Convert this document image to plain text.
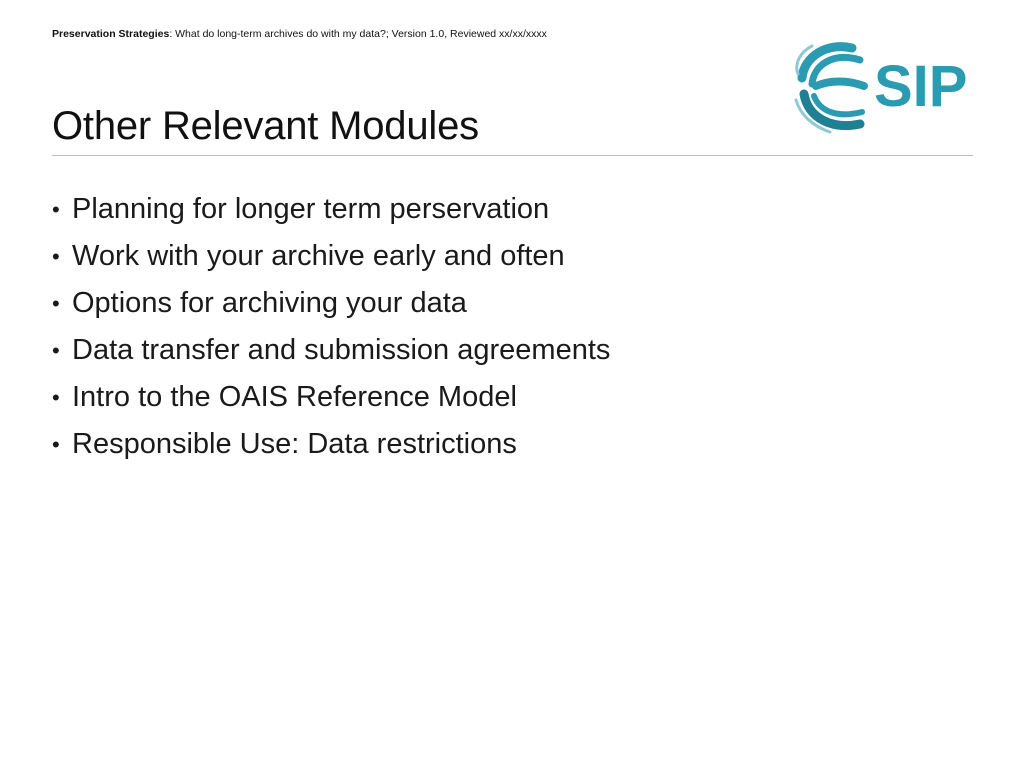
Preservation Strategies: What do long-term archives do with my data?; Version 1.0, Reviewed xx/xx/xxxx
SIP
Other Relevant Modules
• Planning for longer term perservation
• Work with your archive early and often
• Options for archiving your data
• Data transfer and submission agreements
• Intro to the OAIS Reference Model
• Responsible Use: Data restrictions
